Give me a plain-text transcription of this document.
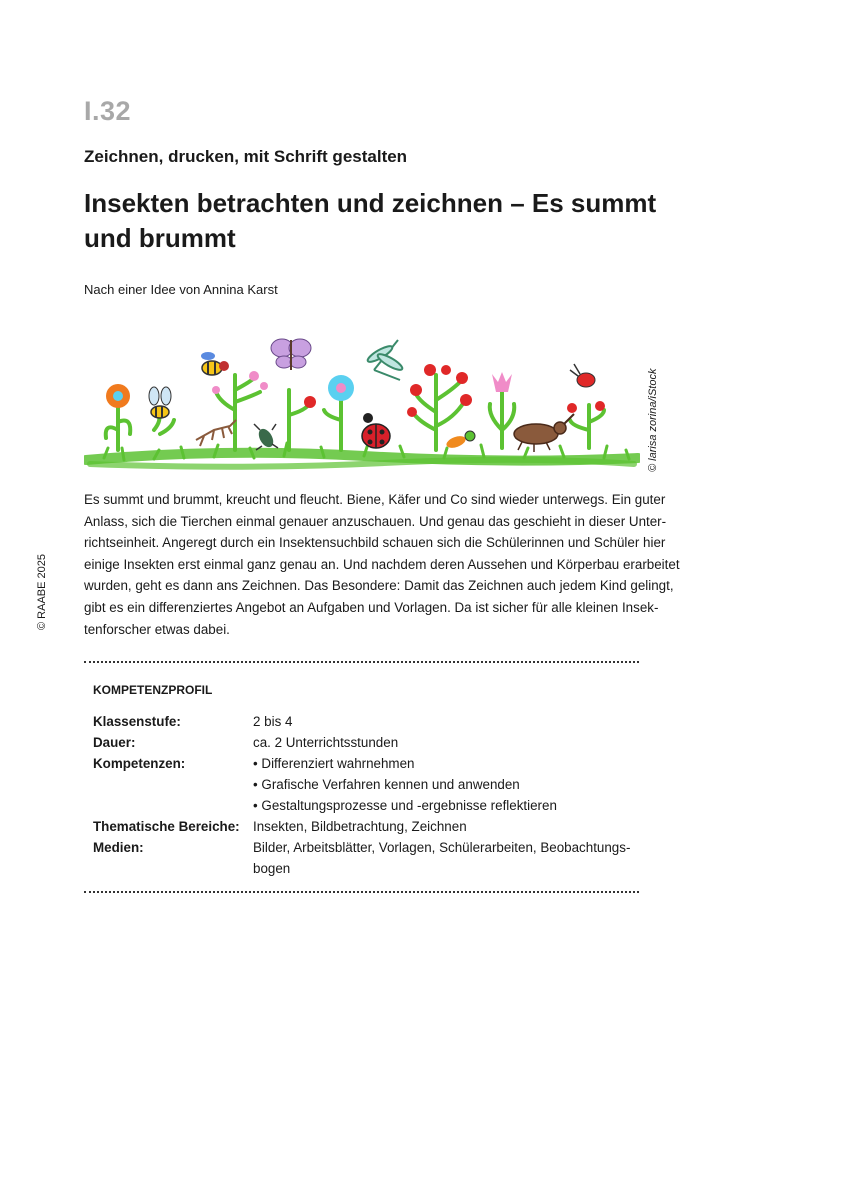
I.32
Zeichnen, drucken, mit Schrift gestalten
Insekten betrachten und zeichnen – Es summt und brummt
Nach einer Idee von Annina Karst
© larisa zorina/iStock
© RAABE 2025
Es summt und brummt, kreucht und fleucht. Biene, Käfer und Co sind wieder unterwegs. Ein guter
Anlass, sich die Tierchen einmal genauer anzuschauen. Und genau das geschieht in dieser Unter-
richtseinheit. Angeregt durch ein Insektensuchbild schauen sich die Schülerinnen und Schüler hier
einige Insekten erst einmal ganz genau an. Und nachdem deren Aussehen und Körperbau erarbeitet
wurden, geht es dann ans Zeichnen. Das Besondere: Damit das Zeichnen auch jedem Kind gelingt,
gibt es ein differenziertes Angebot an Aufgaben und Vorlagen. Da ist sicher für alle kleinen Insek-
tenforscher etwas dabei.
KOMPETENZPROFIL
Klassenstufe:	2 bis 4
Dauer:	ca. 2 Unterrichtsstunden
Kompetenzen:	• Differenziert wahrnehmen
• Grafische Verfahren kennen und anwenden
• Gestaltungsprozesse und -ergebnisse reflektieren
Thematische Bereiche: Insekten, Bildbetrachtung, Zeichnen
Medien:	Bilder, Arbeitsblätter, Vorlagen, Schülerarbeiten, Beobachtungs-
bogen
